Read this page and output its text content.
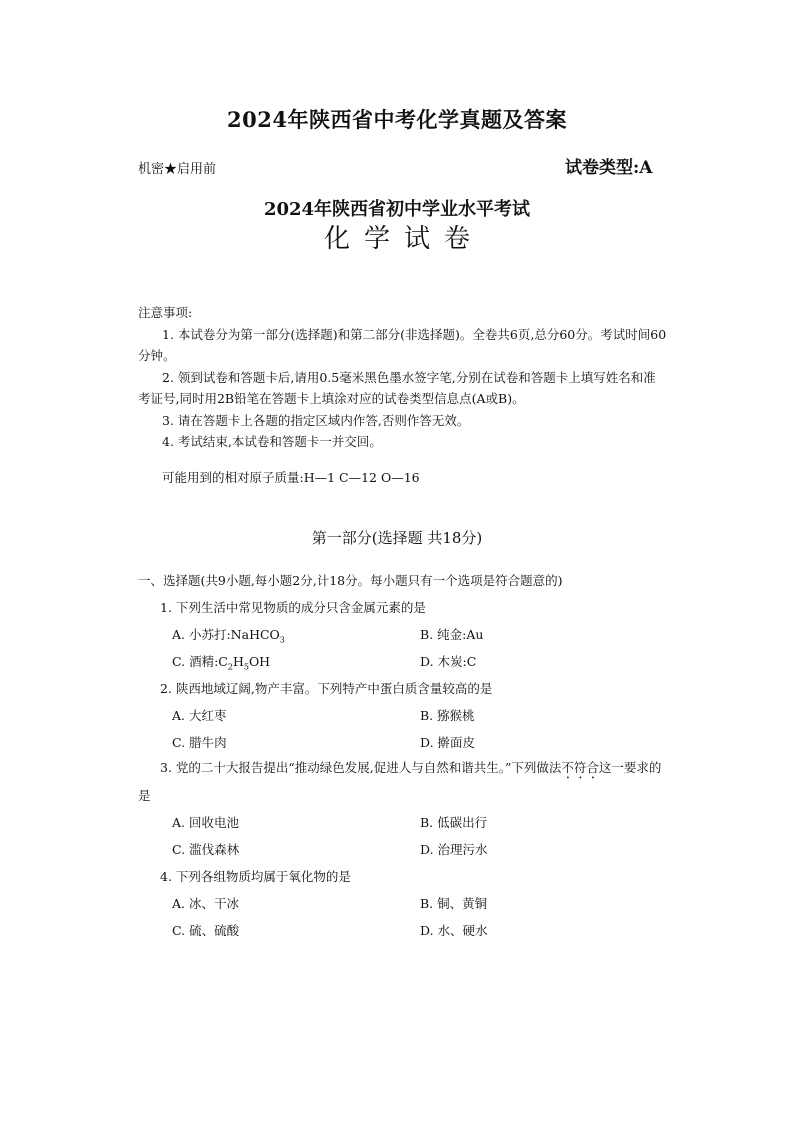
2024年陕西省中考化学真题及答案
机密★启用前	试卷类型:A
2024年陕西省初中学业水平考试
化学试卷

注意事项:

1. 本试卷分为第一部分(选择题)和第二部分(非选择题)。全卷共6页,总分60分。考试时间60分钟。

2. 领到试卷和答题卡后,请用0.5毫米黑色墨水签字笔,分别在试卷和答题卡上填写姓名和准考证号,同时用2B铅笔在答题卡上填涂对应的试卷类型信息点(A或B)。

3. 请在答题卡上各题的指定区域内作答,否则作答无效。

4. 考试结束,本试卷和答题卡一并交回。

可能用到的相对原子质量:H—1 C—12 O—16
第一部分(选择题 共18分)
一、选择题(共9小题,每小题2分,计18分。每小题只有一个选项是符合题意的)
1. 下列生活中常见物质的成分只含金属元素的是
A. 小苏打:NaHCO$_3$	B. 纯金:Au
C. 酒精$:C_2H_5OH$	D. 木炭:C
2. 陕西地域辽阔,物产丰富。下列特产中蛋白质含量较高的是
A. 大红枣	B. 猕猴桃
C. 腊牛肉	D. 擀面皮
3. 党的二十大报告提出“推动绿色发展,促进人与自然和谐共生。”下列做法不符合这一要求的是
A. 回收电池	B. 低碳出行
C. 滥伐森林	D. 治理污水
4. 下列各组物质均属于氧化物的是
A. 冰、干冰	B. 铜、黄铜
C. 硫、硫酸	D. 水、硬水
